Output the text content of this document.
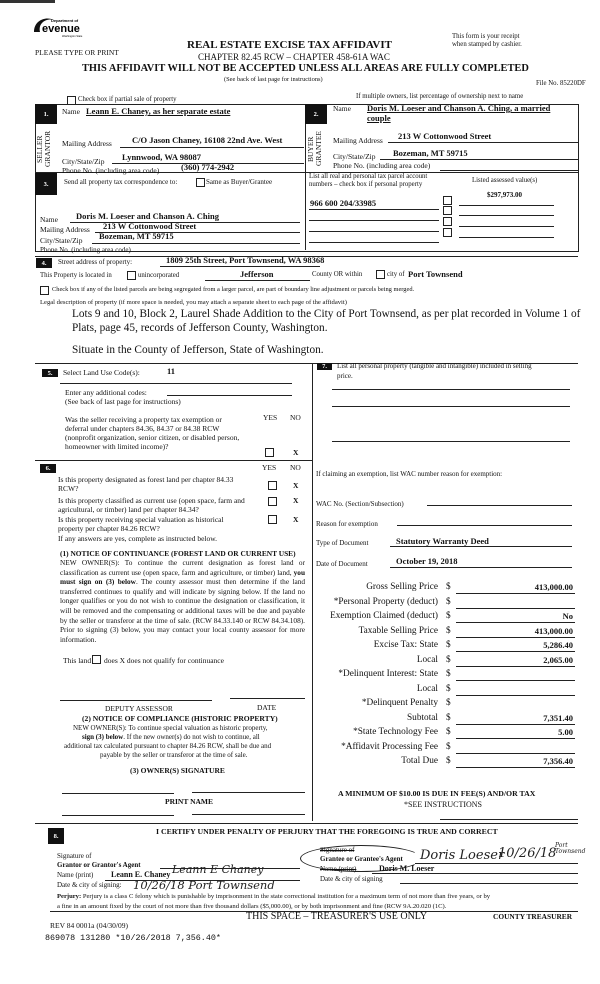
Department of
evenue
Washington State
PLEASE TYPE OR PRINT
REAL ESTATE EXCISE TAX AFFIDAVIT
CHAPTER 82.45 RCW – CHAPTER 458-61A WAC
This form is your receipt
when stamped by cashier.
THIS AFFIDAVIT WILL NOT BE ACCEPTED UNLESS ALL AREAS ARE FULLY COMPLETED
(See back of last page for instructions)
File No. 85220DF
Check box if partial sale of property	If multiple owners, list percentage of ownership next to name
1.
SELLER GRANTOR
Name Leann E. Chaney, as her separate estate
Mailing Address C/O Jason Chaney, 16108 22nd Ave. West
City/State/Zip Lynnwood, WA 98087
Phone No. (including area code)	(360) 774-2942
2.
BUYER GRANTEE
Name Doris M. Loeser and Chanson A. Ching, a married
couple
Mailing Address 213 W Cottonwood Street
City/State/Zip Bozeman, MT 59715
Phone No. (including area code)
3.	Send all property tax correspondence to:	Same as Buyer/Grantee
Name Doris M. Loeser and Chanson A. Ching
Mailing Address 213 W Cottonwood Street
City/State/Zip Bozeman, MT 59715
Phone No. (including area code)
List all real and personal tax parcel account
numbers – check box if personal property
Listed assessed value(s)
$297,973.00
966 600 204/33985
4.	Street address of property:	1809 25th Street, Port Townsend, WA 98368
This Property is located in	unincorporated	Jefferson	County OR within	city of Port Townsend
Check box if any of the listed parcels are being segregated from a larger parcel, are part of boundary line adjustment or parcels being merged.
Legal description of property (if more space is needed, you may attach a separate sheet to each page of the affidavit)
Lots 9 and 10, Block 2, Laurel Shade Addition to the City of Port Townsend, as per plat recorded in Volume 1 of
Plats, page 45, records of Jefferson County, Washington.
Situate in the County of Jefferson, State of Washington.
5.	Select Land Use Code(s):	11
Enter any additional codes:
(See back of last page for instructions)
Was the seller receiving a property tax exemption or
deferral under chapters 84.36, 84.37 or 84.38 RCW
(nonprofit organization, senior citizen, or disabled person,
homeowner with limited income)?
YES NO
X
6.	YES NO
Is this property designated as forest land per chapter 84.33
RCW?	X
Is this property classified as current use (open space, farm and
agricultural, or timber) land per chapter 84.34?
X
Is this property receiving special valuation as historical
property per chapter 84.26 RCW?
X
If any answers are yes, complete as instructed below.
(1) NOTICE OF CONTINUANCE (FOREST LAND OR CURRENT USE)
NEW OWNER(S): To continue the current designation as forest land or classification as current use (open space, farm and agriculture, or timber) land, you must sign on (3) below. The county assessor must then determine if the land transferred continues to qualify and will indicate by signing below. If the land no longer qualifies or you do not wish to continue the designation or classification, it will be removed and the compensating or additional taxes will be due and payable by the seller or transferor at the time of sale. (RCW 84.33.140 or RCW 84.34.108). Prior to signing (3) below, you may contact your local county assessor for more information.
This land does X does not qualify for continuance
DEPUTY ASSESSOR	DATE
(2) NOTICE OF COMPLIANCE (HISTORIC PROPERTY)
NEW OWNER(S): To continue special valuation as historic property,
sign (3) below. If the new owner(s) do not wish to continue, all
additional tax calculated pursuant to chapter 84.26 RCW, shall be due and
payable by the seller or transferor at the time of sale.
(3) OWNER(S) SIGNATURE
PRINT NAME
7.	List all personal property (tangible and intangible) included in selling
price.
If claiming an exemption, list WAC number reason for exemption:
WAC No. (Section/Subsection)
Reason for exemption
Type of Document	Statutory Warranty Deed
Date of Document	October 19, 2018
Gross Selling Price $	413,000.00
*Personal Property (deduct) $
Exemption Claimed (deduct) $	No
Taxable Selling Price $	413,000.00
Excise Tax: State $	5,286.40
Local $	2,065.00
*Delinquent Interest: State $
Local $
*Delinquent Penalty $
Subtotal $	7,351.40
*State Technology Fee $	5.00
*Affidavit Processing Fee $
Total Due $	7,356.40
A MINIMUM OF $10.00 IS DUE IN FEE(S) AND/OR TAX
*SEE INSTRUCTIONS
8.	I CERTIFY UNDER PENALTY OF PERJURY THAT THE FOREGOING IS TRUE AND CORRECT
Signature of
Grantor or Grantor's Agent
Name (print) Leann E. Chaney Leann E Chaney
Date & city of signing: 10/26/18 Port Townsend
Signature of
Grantee or Grantee's Agent Doris Loeser
10/26/18
Port Townsend
Name (print)	Doris M. Loeser
Date & city of signing
Perjury: Perjury is a class C felony which is punishable by imprisonment in the state correctional institution for a maximum term of not more than five years, or by
a fine in an amount fixed by the court of not more than five thousand dollars ($5,000.00), or by both imprisonment and fine (RCW 9A.20.020 (1C).
THIS SPACE – TREASURER'S USE ONLY	COUNTY TREASURER
REV 84 0001a (04/30/09)
869078 131280 *10/26/2018 7,356.40*
